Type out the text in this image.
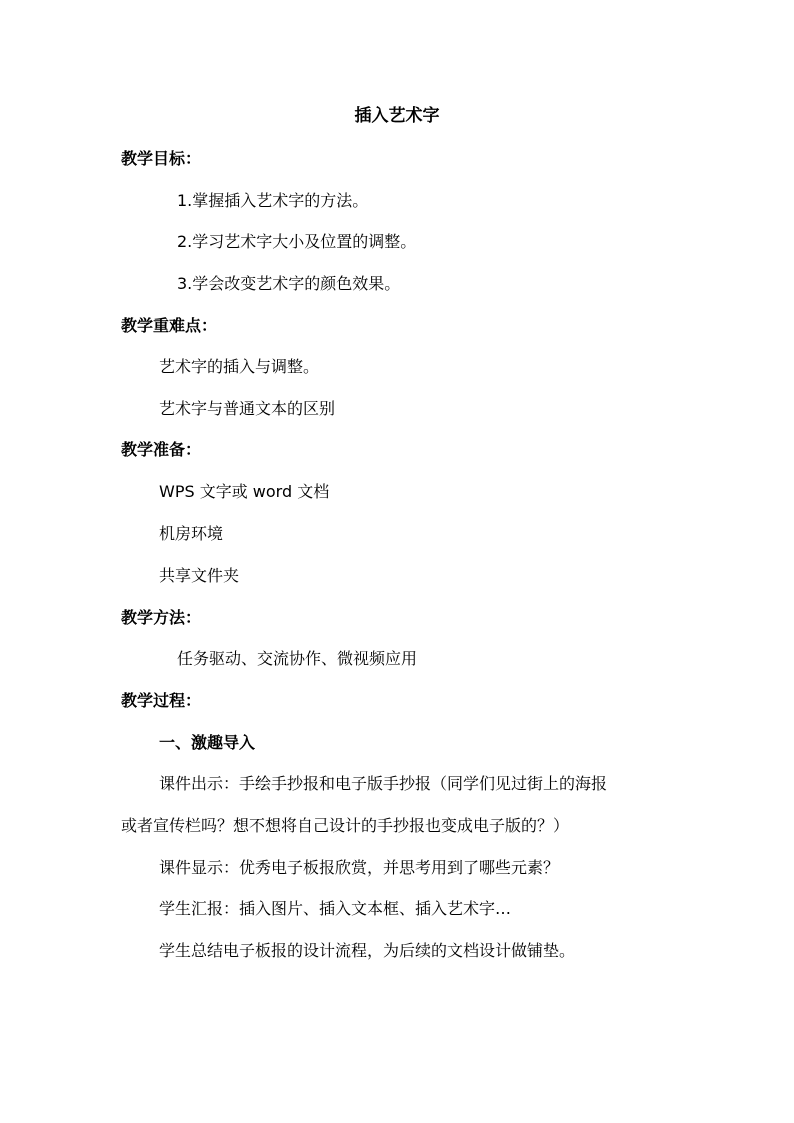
插入艺术字
教学目标：
1.掌握插入艺术字的方法。
2.学习艺术字大小及位置的调整。
3.学会改变艺术字的颜色效果。
教学重难点：
艺术字的插入与调整。
艺术字与普通文本的区别
教学准备：
WPS 文字或 word 文档
机房环境
共享文件夹
教学方法：
任务驱动、交流协作、微视频应用
教学过程：
一、激趣导入
课件出示：手绘手抄报和电子版手抄报（同学们见过街上的海报
或者宣传栏吗？想不想将自己设计的手抄报也变成电子版的？）
课件显示：优秀电子板报欣赏，并思考用到了哪些元素？
学生汇报：插入图片、插入文本框、插入艺术字…
学生总结电子板报的设计流程，为后续的文档设计做铺垫。
